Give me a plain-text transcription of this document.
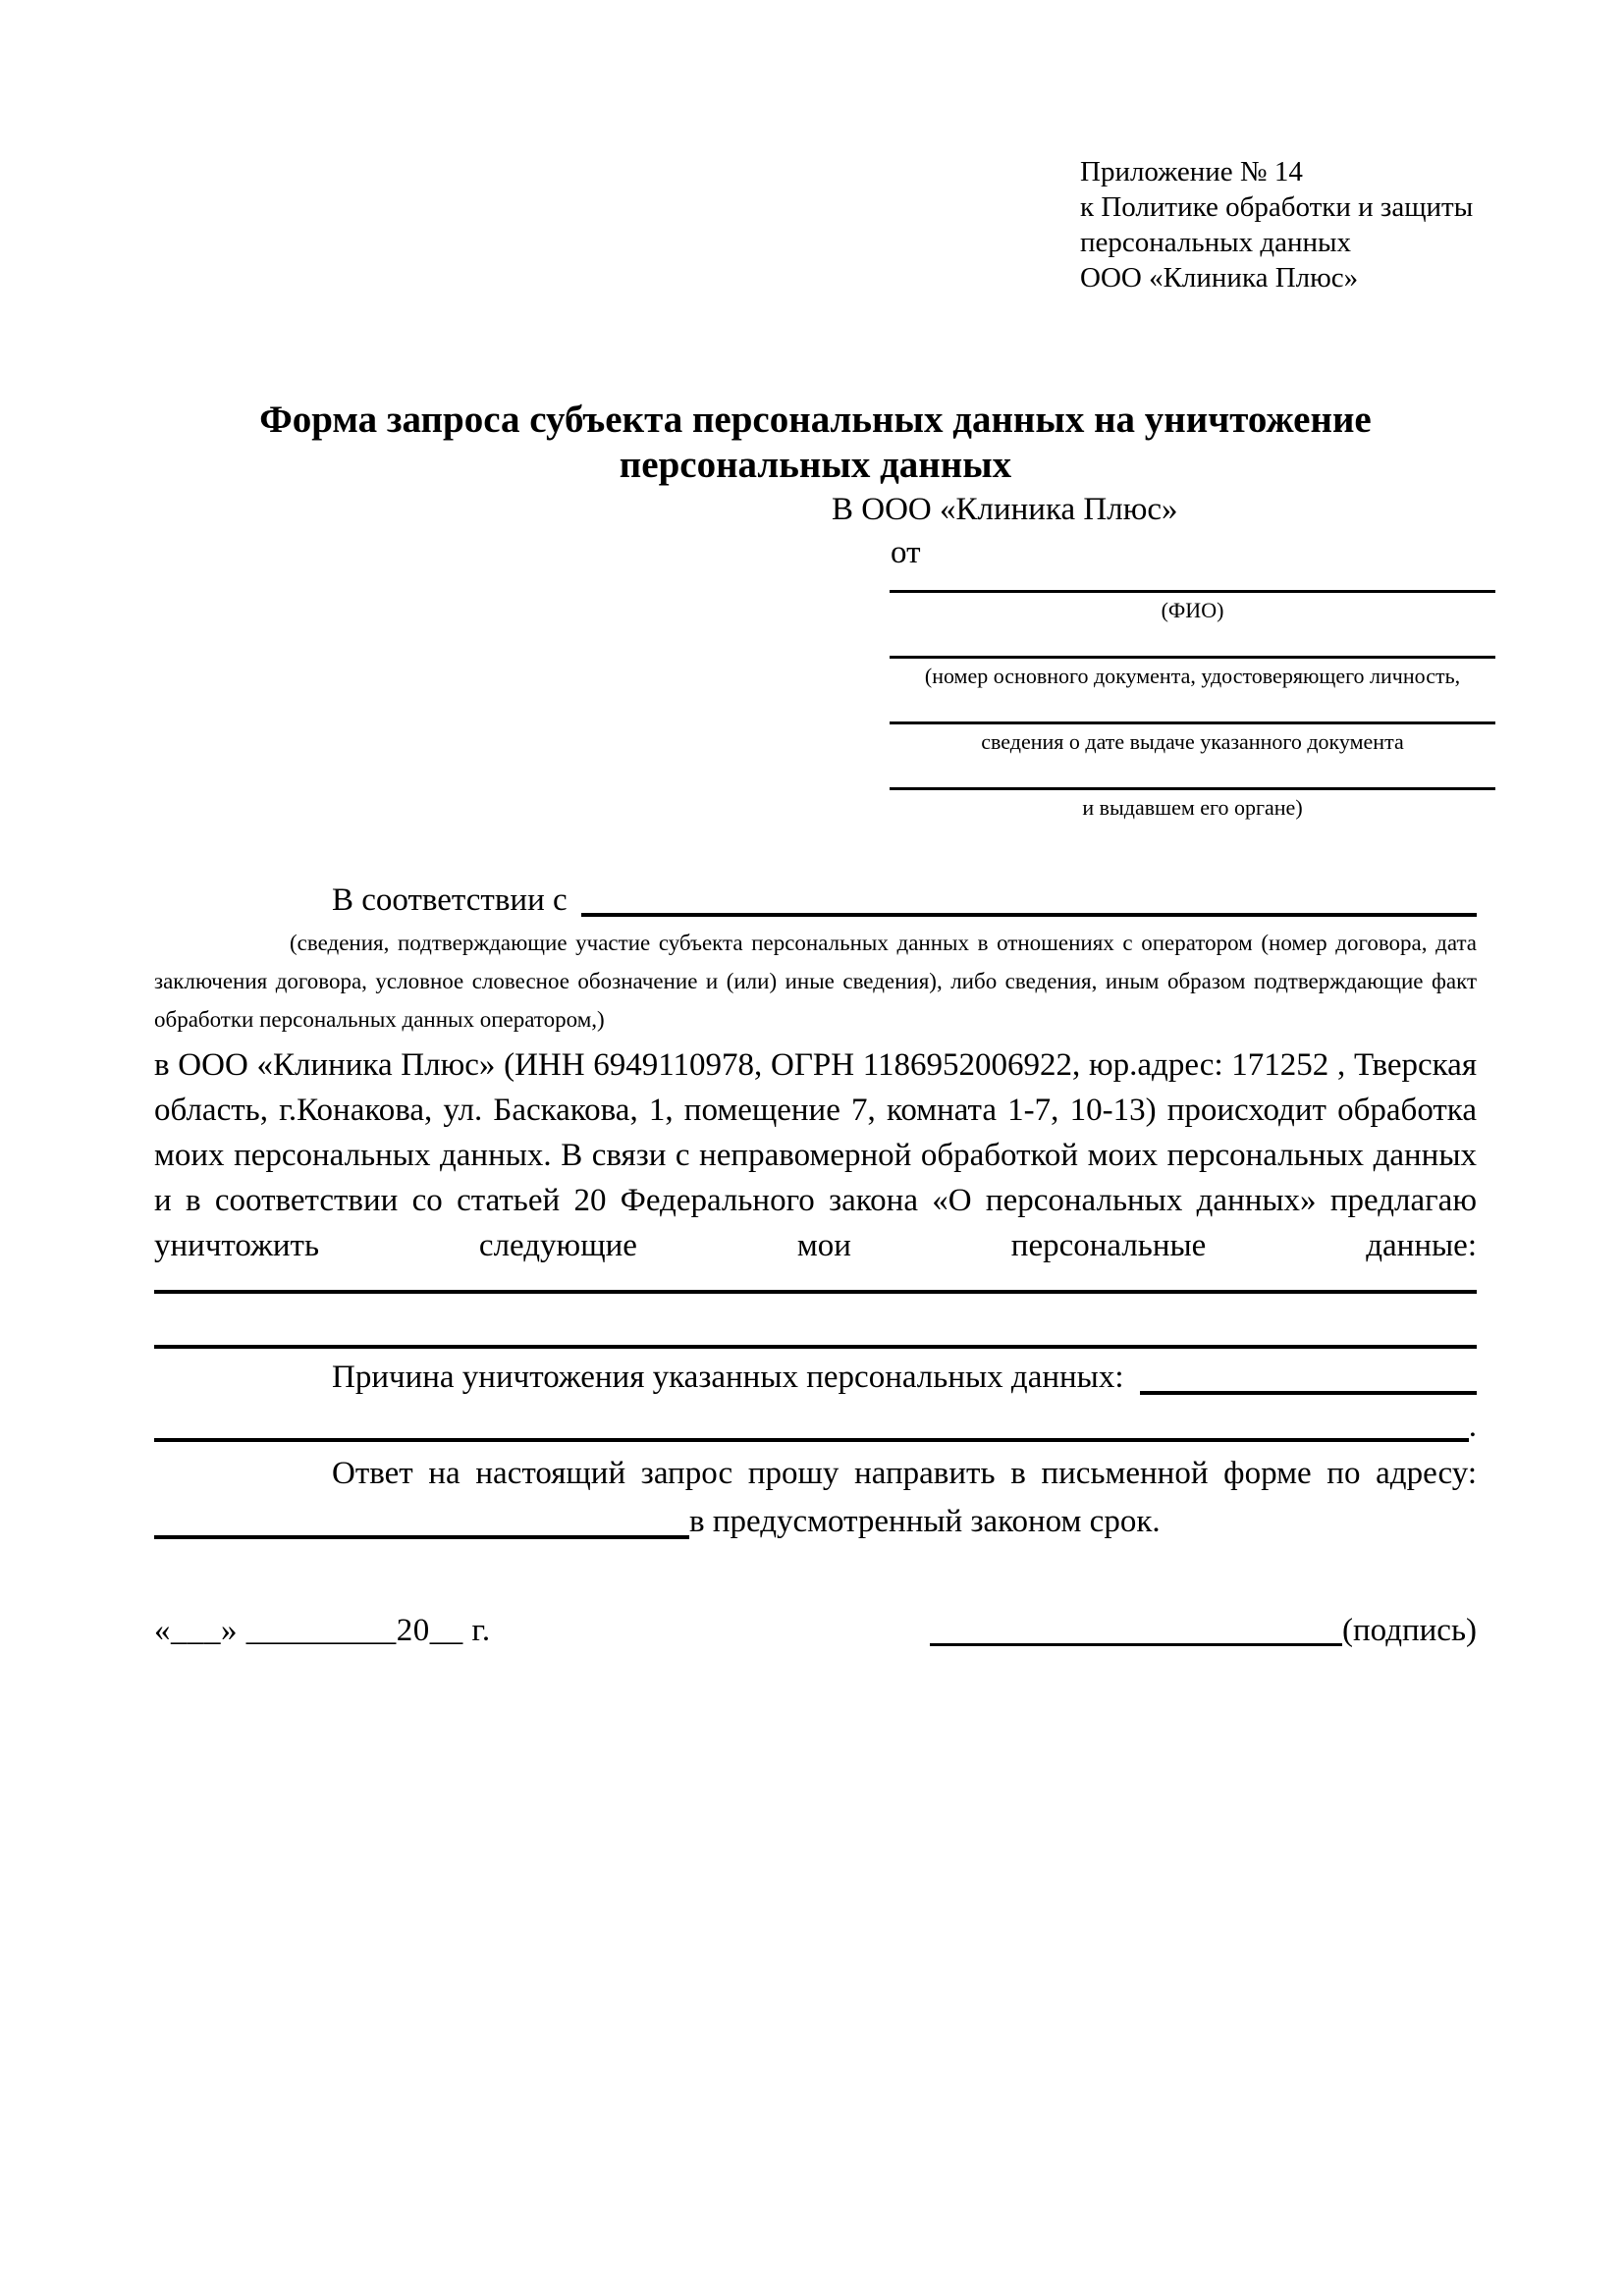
Приложение № 14
к Политике обработки и защиты
персональных данных
ООО «Клиника Плюс»
Форма запроса субъекта персональных данных на уничтожение персональных данных
В ООО «Клиника Плюс»
от
(ФИО)
(номер основного документа, удостоверяющего личность,
сведения о дате выдаче указанного документа
и выдавшем его органе)
В соответствии с
(сведения, подтверждающие участие субъекта персональных данных в отношениях с оператором (номер договора, дата заключения договора, условное словесное обозначение и (или) иные сведения), либо сведения, иным образом подтверждающие факт обработки персональных данных оператором,)
в ООО «Клиника Плюс» (ИНН 6949110978, ОГРН 1186952006922, юр.адрес: 171252 , Тверская область, г.Конакова, ул. Баскакова, 1, помещение 7, комната 1-7, 10-13) происходит обработка моих персональных данных. В связи с неправомерной обработкой моих персональных данных и в соответствии со статьей 20 Федерального закона «О персональных данных» предлагаю уничтожить следующие мои персональные данные:
Причина уничтожения указанных персональных данных:
.
Ответ на настоящий запрос прошу направить в письменной форме по адресу:
в предусмотренный законом срок.
«___» _________20__ г.	(подпись)
